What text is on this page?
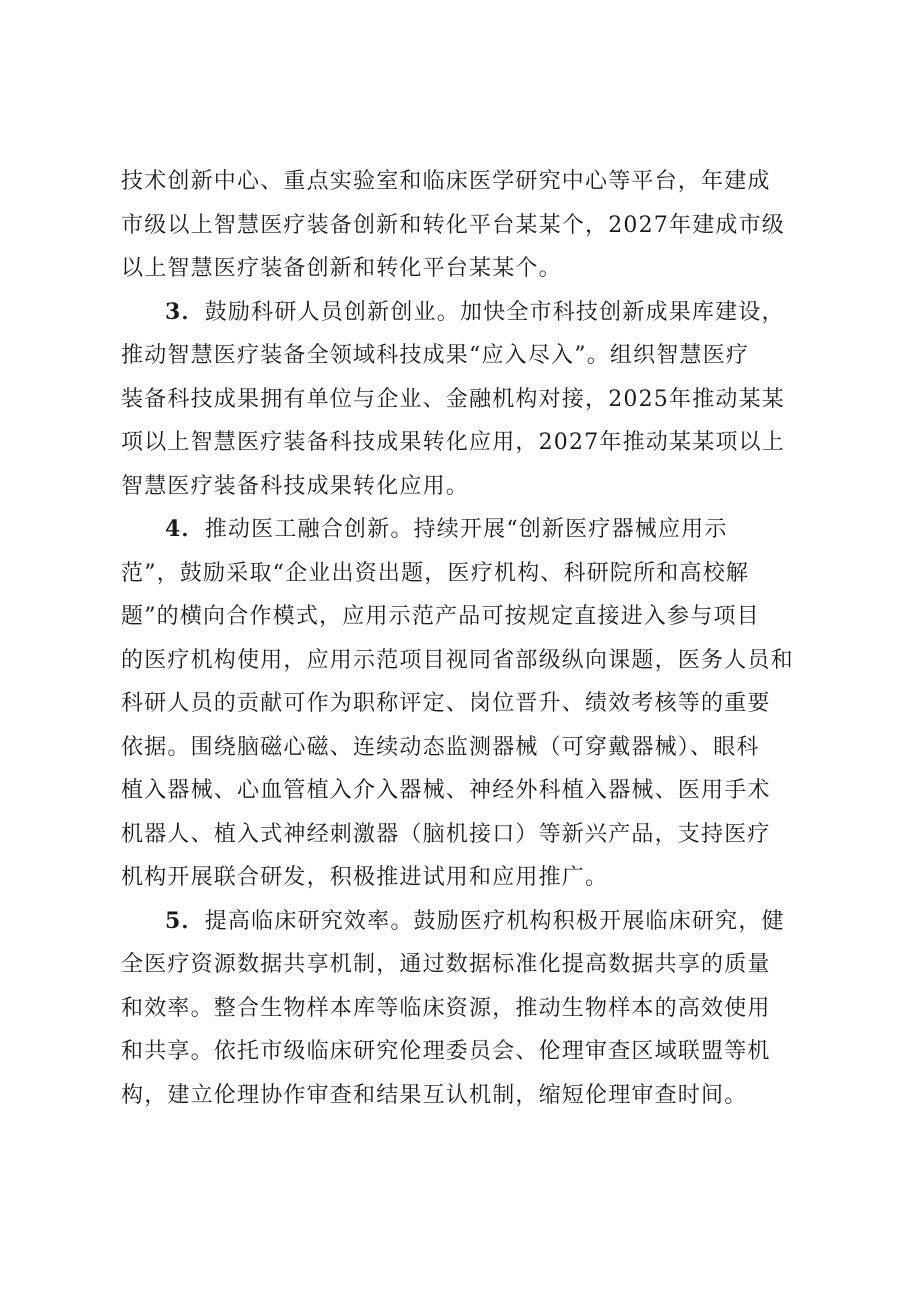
技术创新中心、重点实验室和临床医学研究中心等平台，年建成
市级以上智慧医疗装备创新和转化平台某某个，2027年建成市级
以上智慧医疗装备创新和转化平台某某个。

3．鼓励科研人员创新创业。加快全市科技创新成果库建设，
推动智慧医疗装备全领域科技成果“应入尽入”。组织智慧医疗
装备科技成果拥有单位与企业、金融机构对接，2025年推动某某
项以上智慧医疗装备科技成果转化应用，2027年推动某某项以上
智慧医疗装备科技成果转化应用。

4．推动医工融合创新。持续开展“创新医疗器械应用示
范”，鼓励采取“企业出资出题，医疗机构、科研院所和高校解
题”的横向合作模式，应用示范产品可按规定直接进入参与项目
的医疗机构使用，应用示范项目视同省部级纵向课题，医务人员和
科研人员的贡献可作为职称评定、岗位晋升、绩效考核等的重要
依据。围绕脑磁心磁、连续动态监测器械（可穿戴器械）、眼科
植入器械、心血管植入介入器械、神经外科植入器械、医用手术
机器人、植入式神经刺激器（脑机接口）等新兴产品，支持医疗
机构开展联合研发，积极推进试用和应用推广。

5．提高临床研究效率。鼓励医疗机构积极开展临床研究，健
全医疗资源数据共享机制，通过数据标准化提高数据共享的质量
和效率。整合生物样本库等临床资源，推动生物样本的高效使用
和共享。依托市级临床研究伦理委员会、伦理审查区域联盟等机
构，建立伦理协作审查和结果互认机制，缩短伦理审查时间。
